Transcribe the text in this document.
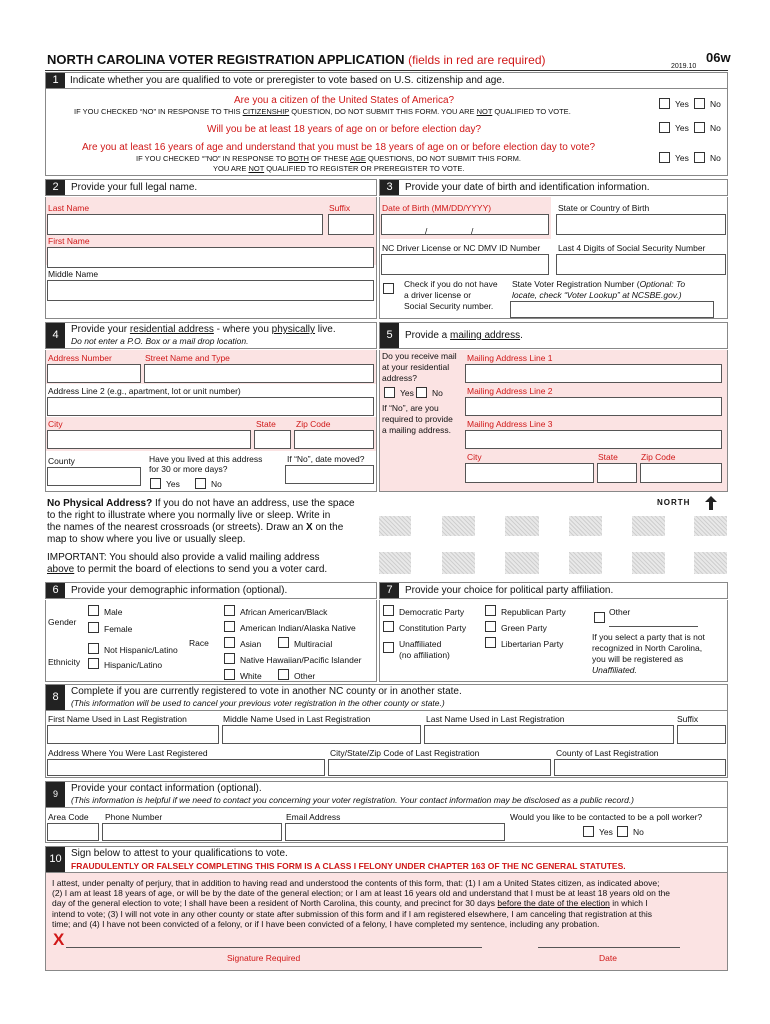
NORTH CAROLINA VOTER REGISTRATION APPLICATION (fields in red are required)	2019.10
06w
1	Indicate whether you are qualified to vote or preregister to vote based on U.S. citizenship and age.
Are you a citizen of the United States of America?
IF YOU CHECKED “NO” IN RESPONSE TO THIS CITIZENSHIP QUESTION, DO NOT SUBMIT THIS FORM. YOU ARE NOT QUALIFIED TO VOTE.
Yes No
Will you be at least 18 years of age on or before election day?	Yes No
Are you at least 16 years of age and understand that you must be 18 years of age on or before election day to vote?
IF YOU CHECKED “”NO” IN RESPONSE TO BOTH OF THESE AGE QUESTIONS, DO NOT SUBMIT THIS FORM.
YOU ARE NOT QUALIFIED TO REGISTER OR PREREGISTER TO VOTE.
Yes No
2	Provide your full legal name.	3	Provide your date of birth and identification information.
Last Name	Suffix
First Name
Middle Name
Date of Birth (MM/DD/YYYY)	State or Country of Birth
/	/
NC Driver License or NC DMV ID Number Last 4 Digits of Social Security Number
Check if you do not have
a driver license or
Social Security number.
State Voter Registration Number (Optional: To
locate, check “Voter Lookup” at NCSBE.gov.)
4	Provide your residential address - where you physically live.
Do not enter a P.O. Box or a mail drop location.	5	Provide a mailing address.
Address Number	Street Name and Type
Address Line 2 (e.g., apartment, lot or unit number)
City	State Zip Code
County	Have you lived at this address
for 30 or more days?
Yes	No
If “No”, date moved?
Do you receive mail
at your residential
address?
Yes No
If “No”, are you
required to provide
a mailing address.
Mailing Address Line 1
Mailing Address Line 2
Mailing Address Line 3
City	State	Zip Code
No Physical Address? If you do not have an address, use the space
to the right to illustrate where you normally live or sleep. Write in
the names of the nearest crossroads (or streets). Draw an X on the
map to show where you live or usually sleep.
IMPORTANT: You should also provide a valid mailing address
above to permit the board of elections to send you a voter card.
NORTH
6	Provide your demographic information (optional).	7	Provide your choice for political party affiliation.
Gender
Male
Female
Ethnicity
Not Hispanic/Latino
Hispanic/Latino
Race
African American/Black
American Indian/Alaska Native
Asian	Multiracial
Native Hawaiian/Pacific Islander
White	Other
Democratic Party	Republican Party
Constitution Party	Green Party
Unaffiliated
(no affiliation)
Libertarian Party
Other
If you select a party that is not
recognized in North Carolina,
you will be registered as
Unaffiliated.
8	Complete if you are currently registered to vote in another NC county or in another state.
(This information will be used to cancel your previous voter registration in the other county or state.)
First Name Used in Last Registration	Middle Name Used in Last Registration	Last Name Used in Last Registration	Suffix
Address Where You Were Last Registered	City/State/Zip Code of Last Registration	County of Last Registration
9	Provide your contact information (optional).
(This information is helpful if we need to contact you concerning your voter registration. Your contact information may be disclosed as a public record.)
Area Code Phone Number	Email Address	Would you like to be contacted to be a poll worker?
Yes No
10 Sign below to attest to your qualifications to vote.
FRAUDULENTLY OR FALSELY COMPLETING THIS FORM IS A CLASS I FELONY UNDER CHAPTER 163 OF THE NC GENERAL STATUTES.
I attest, under penalty of perjury, that in addition to having read and understood the contents of this form, that: (1) I am a United States citizen, as indicated above;
(2) I am at least 18 years of age, or will be by the date of the general election; or I am at least 16 years old and understand that I must be at least 18 years old on the
day of the general election to vote; I shall have been a resident of North Carolina, this county, and precinct for 30 days before the date of the election in which I
intend to vote; (3) I will not vote in any other county or state after submission of this form and if I am registered elsewhere, I am canceling that registration at this
time; and (4) I have not been convicted of a felony, or if I have been convicted of a felony, I have completed my sentence, including any probation.
X
Signature Required	Date
